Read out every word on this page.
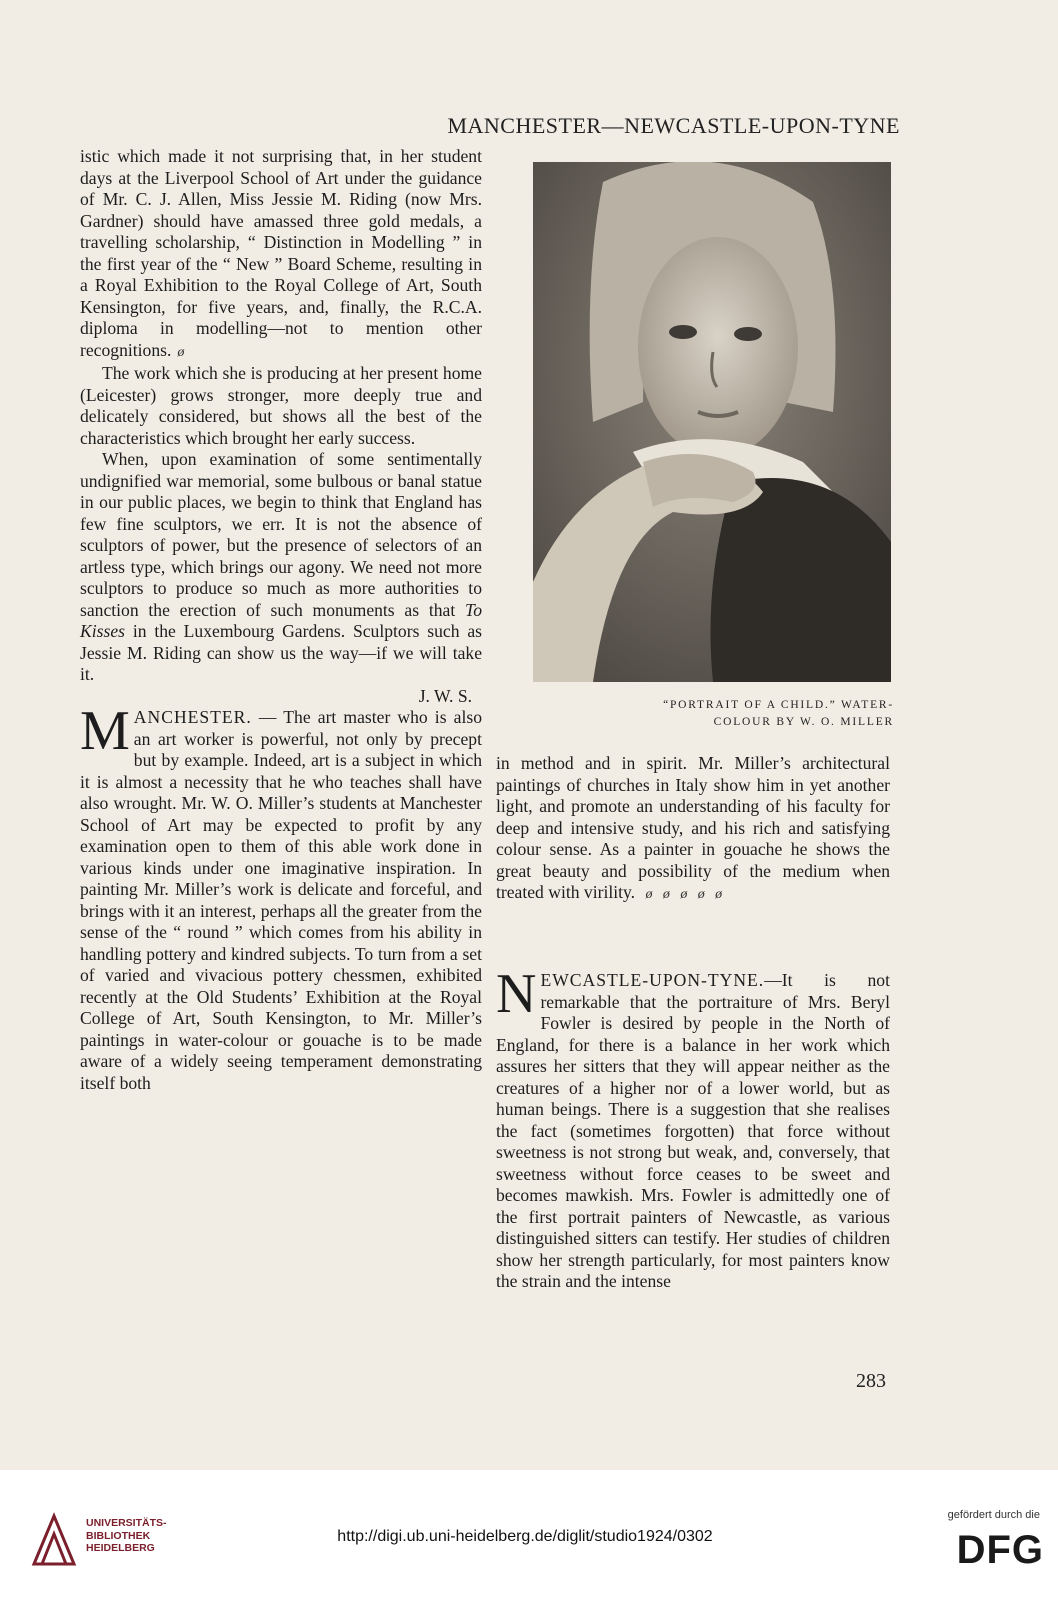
MANCHESTER—NEWCASTLE-UPON-TYNE

istic which made it not surprising that, in her student days at the Liverpool School of Art under the guidance of Mr. C. J. Allen, Miss Jessie M. Riding (now Mrs. Gardner) should have amassed three gold medals, a travelling scholarship, “ Distinction in Modelling ” in the first year of the “ New ” Board Scheme, resulting in a Royal Exhibition to the Royal College of Art, South Kensington, for five years, and, finally, the R.C.A. diploma in modelling—not to mention other recognitions. ø

The work which she is producing at her present home (Leicester) grows stronger, more deeply true and delicately considered, but shows all the best of the characteristics which brought her early success.

When, upon examination of some sentimentally undignified war memorial, some bulbous or banal statue in our public places, we begin to think that England has few fine sculptors, we err. It is not the absence of sculptors of power, but the presence of selectors of an artless type, which brings our agony. We need not more sculptors to produce so much as more authorities to sanction the erection of such monuments as that To Kisses in the Luxembourg Gardens. Sculptors such as Jessie M. Riding can show us the way—if we will take it.

J. W. S.

MANCHESTER. — The art master who is also an art worker is powerful, not only by precept but by example. Indeed, art is a subject in which it is almost a necessity that he who teaches shall have also wrought. Mr. W. O. Miller’s students at Manchester School of Art may be expected to profit by any examination open to them of this able work done in various kinds under one imaginative inspiration. In painting Mr. Miller’s work is delicate and forceful, and brings with it an interest, perhaps all the greater from the sense of the “ round ” which comes from his ability in handling pottery and kindred subjects. To turn from a set of varied and vivacious pottery chessmen, exhibited recently at the Old Students’ Exhibition at the Royal College of Art, South Kensington, to Mr. Miller’s paintings in water-colour or gouache is to be made aware of a widely seeing temperament demonstrating itself both

“PORTRAIT OF A CHILD.” WATER-
COLOUR BY W. O. MILLER

in method and in spirit. Mr. Miller’s architectural paintings of churches in Italy show him in yet another light, and promote an understanding of his faculty for deep and intensive study, and his rich and satisfying colour sense. As a painter in gouache he shows the great beauty and possibility of the medium when treated with virility. ø ø ø ø ø

NEWCASTLE-UPON-TYNE.—It is not remarkable that the portraiture of Mrs. Beryl Fowler is desired by people in the North of England, for there is a balance in her work which assures her sitters that they will appear neither as the creatures of a higher nor of a lower world, but as human beings. There is a suggestion that she realises the fact (sometimes forgotten) that force without sweetness is not strong but weak, and, conversely, that sweetness without force ceases to be sweet and becomes mawkish. Mrs. Fowler is admittedly one of the first portrait painters of Newcastle, as various distinguished sitters can testify. Her studies of children show her strength particularly, for most painters know the strain and the intense

283
UNIVERSITÄTS-
BIBLIOTHEK
HEIDELBERG
http://digi.ub.uni-heidelberg.de/diglit/studio1924/0302
gefördert durch die
DFG
